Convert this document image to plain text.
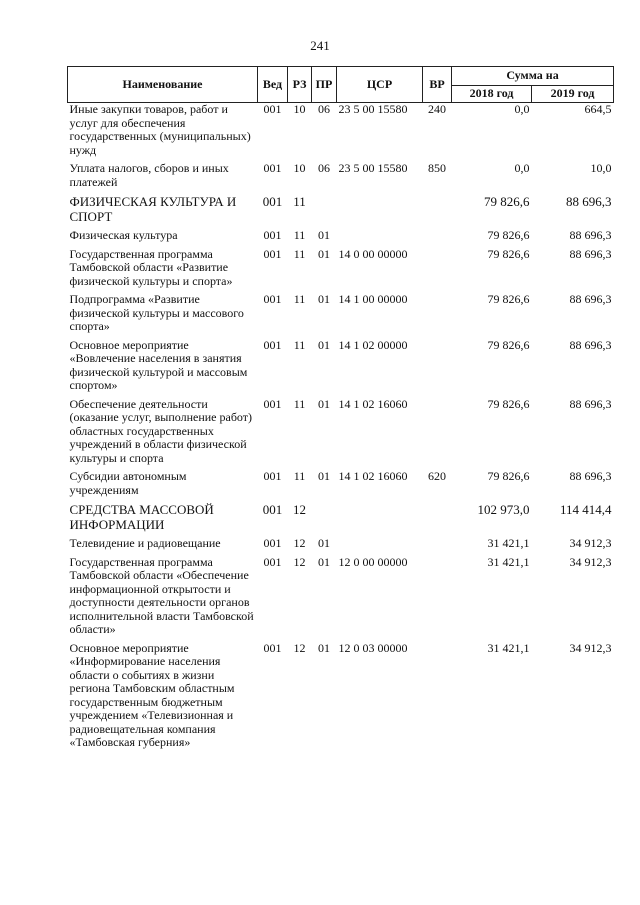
241
Наименование	Вед	РЗ	ПР	ЦСР	ВР	Сумма на	
						2018 год	2019 год
Иные закупки товаров, работ и услуг для обеспечения государственных (муниципальных) нужд	001	10	06	23 5 00 15580	240	0,0	664,5
Уплата налогов, сборов и иных платежей	001	10	06	23 5 00 15580	850	0,0	10,0
ФИЗИЧЕСКАЯ КУЛЬТУРА И СПОРТ	001	11				79 826,6	88 696,3
Физическая культура	001	11	01			79 826,6	88 696,3
Государственная программа Тамбовской области «Развитие физической культуры и спорта»	001	11	01	14 0 00 00000		79 826,6	88 696,3
Подпрограмма «Развитие физической культуры и массового спорта»	001	11	01	14 1 00 00000		79 826,6	88 696,3
Основное мероприятие «Вовлечение населения в занятия физической культурой и массовым спортом»	001	11	01	14 1 02 00000		79 826,6	88 696,3
Обеспечение деятельности (оказание услуг, выполнение работ) областных государственных учреждений в области физической культуры и спорта	001	11	01	14 1 02 16060		79 826,6	88 696,3
Субсидии автономным учреждениям	001	11	01	14 1 02 16060	620	79 826,6	88 696,3
СРЕДСТВА МАССОВОЙ ИНФОРМАЦИИ	001	12				102 973,0	114 414,4
Телевидение и радиовещание	001	12	01			31 421,1	34 912,3
Государственная программа Тамбовской области «Обеспечение информационной открытости и доступности деятельности органов исполнительной власти Тамбовской области»	001	12	01	12 0 00 00000		31 421,1	34 912,3
Основное мероприятие «Информирование населения области о событиях в жизни региона Тамбовским областным государственным бюджетным учреждением «Телевизионная и радиовещательная компания «Тамбовская губерния»	001	12	01	12 0 03 00000		31 421,1	34 912,3
